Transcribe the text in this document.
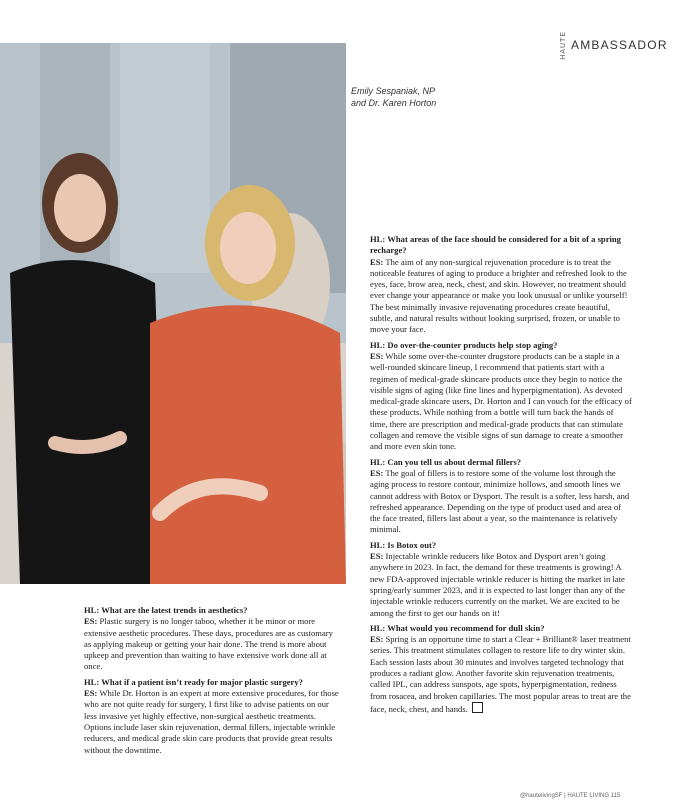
HAUTE AMBASSADOR
Emily Sespaniak, NP
and Dr. Karen Horton

HL: What are the latest trends in aesthetics?
ES: Plastic surgery is no longer taboo, whether it be minor or more extensive aesthetic procedures. These days, procedures are as customary as applying makeup or getting your hair done. The trend is more about upkeep and prevention than waiting to have extensive work done all at once.

HL: What if a patient isn’t ready for major plastic surgery?
ES: While Dr. Horton is an expert at more extensive procedures, for those who are not quite ready for surgery, I first like to advise patients on our less invasive yet highly effective, non-surgical aesthetic treatments. Options include laser skin rejuvenation, dermal fillers, injectable wrinkle reducers, and medical grade skin care products that provide great results without the downtime.

HL: What areas of the face should be considered for a bit of a spring recharge?
ES: The aim of any non-surgical rejuvenation procedure is to treat the noticeable features of aging to produce a brighter and refreshed look to the eyes, face, brow area, neck, chest, and skin. However, no treatment should ever change your appearance or make you look unusual or unlike yourself! The best minimally invasive rejuvenating procedures create beautiful, subtle, and natural results without looking surprised, frozen, or unable to move your face.

HL: Do over-the-counter products help stop aging?
ES: While some over-the-counter drugstore products can be a staple in a well-rounded skincare lineup, I recommend that patients start with a regimen of medical-grade skincare products once they begin to notice the visible signs of aging (like fine lines and hyperpigmentation). As devoted medical-grade skincare users, Dr. Horton and I can vouch for the efficacy of these products. While nothing from a bottle will turn back the hands of time, there are prescription and medical-grade products that can stimulate collagen and remove the visible signs of sun damage to create a smoother and more even skin tone.

HL: Can you tell us about dermal fillers?
ES: The goal of fillers is to restore some of the volume lost through the aging process to restore contour, minimize hollows, and smooth lines we cannot address with Botox or Dysport. The result is a softer, less harsh, and refreshed appearance. Depending on the type of product used and area of the face treated, fillers last about a year, so the maintenance is relatively minimal.

HL: Is Botox out?
ES: Injectable wrinkle reducers like Botox and Dysport aren’t going anywhere in 2023. In fact, the demand for these treatments is growing! A new FDA-approved injectable wrinkle reducer is hitting the market in late spring/early summer 2023, and it is expected to last longer than any of the injectable wrinkle reducers currently on the market. We are excited to be among the first to get our hands on it!

HL: What would you recommend for dull skin?
ES: Spring is an opportune time to start a Clear + Brilliant® laser treatment series. This treatment stimulates collagen to restore life to dry winter skin. Each session lasts about 30 minutes and involves targeted technology that produces a radiant glow. Another favorite skin rejuvenation treatments, called IPL, can address sunspots, age spots, hyperpigmentation, redness from rosacea, and broken capillaries. The most popular areas to treat are the face, neck, chest, and hands.

@hautelivingSF | HAUTE LIVING 115
